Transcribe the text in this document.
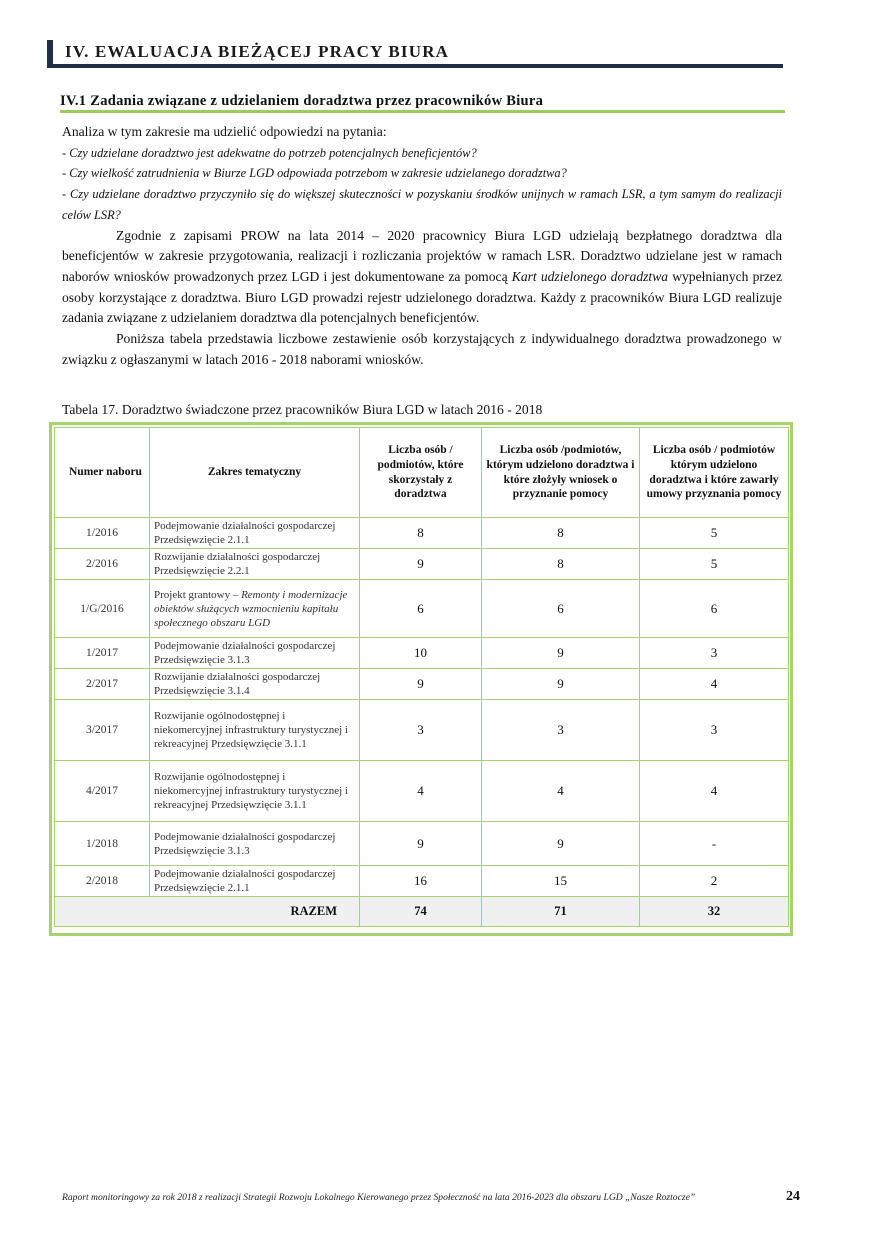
IV. EWALUACJA BIEŻĄCEJ PRACY BIURA
IV.1 Zadania związane z udzielaniem doradztwa przez pracowników Biura

Analiza w tym zakresie ma udzielić odpowiedzi na pytania:

- Czy udzielane doradztwo jest adekwatne do potrzeb potencjalnych beneficjentów?

- Czy wielkość zatrudnienia w Biurze LGD odpowiada potrzebom w zakresie udzielanego doradztwa?

- Czy udzielane doradztwo przyczyniło się do większej skuteczności w pozyskaniu środków unijnych w ramach LSR, a tym samym do realizacji celów LSR?

Zgodnie z zapisami PROW na lata 2014 – 2020 pracownicy Biura LGD udzielają bezpłatnego doradztwa dla beneficjentów w zakresie przygotowania, realizacji i rozliczania projektów w ramach LSR. Doradztwo udzielane jest w ramach naborów wniosków prowadzonych przez LGD i jest dokumentowane za pomocą Kart udzielonego doradztwa wypełnianych przez osoby korzystające z doradztwa. Biuro LGD prowadzi rejestr udzielonego doradztwa. Każdy z pracowników Biura LGD realizuje zadania związane z udzielaniem doradztwa dla potencjalnych beneficjentów.

Poniższa tabela przedstawia liczbowe zestawienie osób korzystających z indywidualnego doradztwa prowadzonego w związku z ogłaszanymi w latach 2016 - 2018 naborami wniosków.

Tabela 17. Doradztwo świadczone przez pracowników Biura LGD w latach 2016 - 2018
Numer naboru	Zakres tematyczny	Liczba osób / podmiotów, które skorzystały z doradztwa	Liczba osób /podmiotów, którym udzielono doradztwa i które złożyły wniosek o przyznanie pomocy	Liczba osób / podmiotów którym udzielono doradztwa i które zawarły umowy przyznania pomocy
1/2016	Podejmowanie działalności gospodarczej Przedsięwzięcie 2.1.1	8	8	5
2/2016	Rozwijanie działalności gospodarczej Przedsięwzięcie 2.2.1	9	8	5
1/G/2016	Projekt grantowy – Remonty i modernizacje obiektów służących wzmocnieniu kapitału społecznego obszaru LGD	6	6	6
1/2017	Podejmowanie działalności gospodarczej Przedsięwzięcie 3.1.3	10	9	3
2/2017	Rozwijanie działalności gospodarczej Przedsięwzięcie 3.1.4	9	9	4
3/2017	Rozwijanie ogólnodostępnej i niekomercyjnej infrastruktury turystycznej i rekreacyjnej Przedsięwzięcie 3.1.1	3	3	3
4/2017	Rozwijanie ogólnodostępnej i niekomercyjnej infrastruktury turystycznej i rekreacyjnej Przedsięwzięcie 3.1.1	4	4	4
1/2018	Podejmowanie działalności gospodarczej Przedsięwzięcie 3.1.3	9	9	-
2/2018	Podejmowanie działalności gospodarczej Przedsięwzięcie 2.1.1	16	15	2
RAZEM		74	71	32
Raport monitoringowy za rok 2018 z realizacji Strategii Rozwoju Lokalnego Kierowanego przez Społeczność na lata 2016-2023 dla obszaru LGD „Nasze Roztocze”	24
